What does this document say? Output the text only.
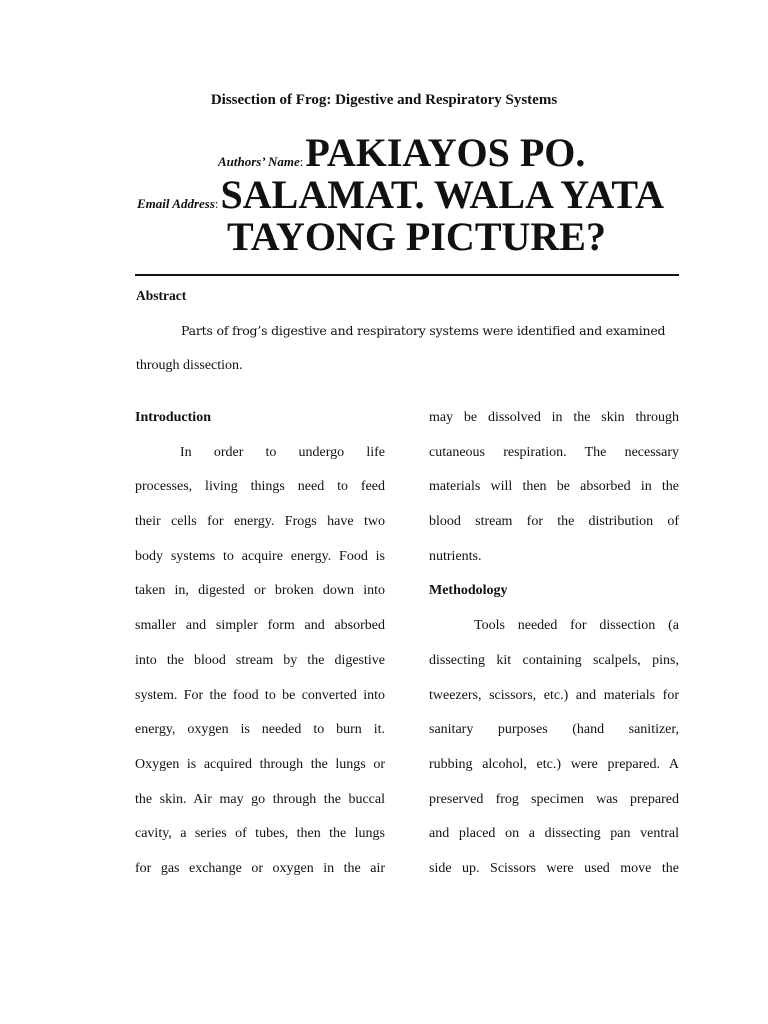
Dissection of Frog: Digestive and Respiratory Systems
Authors’ Name:PAKIAYOS PO.
Email Address:SALAMAT. WALA YATA
TAYONG PICTURE?
Abstract
Parts of frog’s digestive and respiratory systems were identified and examined
through dissection.
Introduction
In order to undergo life
processes, living things need to feed
their cells for energy. Frogs have two
body systems to acquire energy. Food is
taken in, digested or broken down into
smaller and simpler form and absorbed
into the blood stream by the digestive
system. For the food to be converted into
energy, oxygen is needed to burn it.
Oxygen is acquired through the lungs or
the skin. Air may go through the buccal
cavity, a series of tubes, then the lungs
for gas exchange or oxygen in the air
may be dissolved in the skin through
cutaneous respiration. The necessary
materials will then be absorbed in the
blood stream for the distribution of
nutrients.
Methodology
Tools needed for dissection (a
dissecting kit containing scalpels, pins,
tweezers, scissors, etc.) and materials for
sanitary purposes (hand sanitizer,
rubbing alcohol, etc.) were prepared. A
preserved frog specimen was prepared
and placed on a dissecting pan ventral
side up. Scissors were used move the
